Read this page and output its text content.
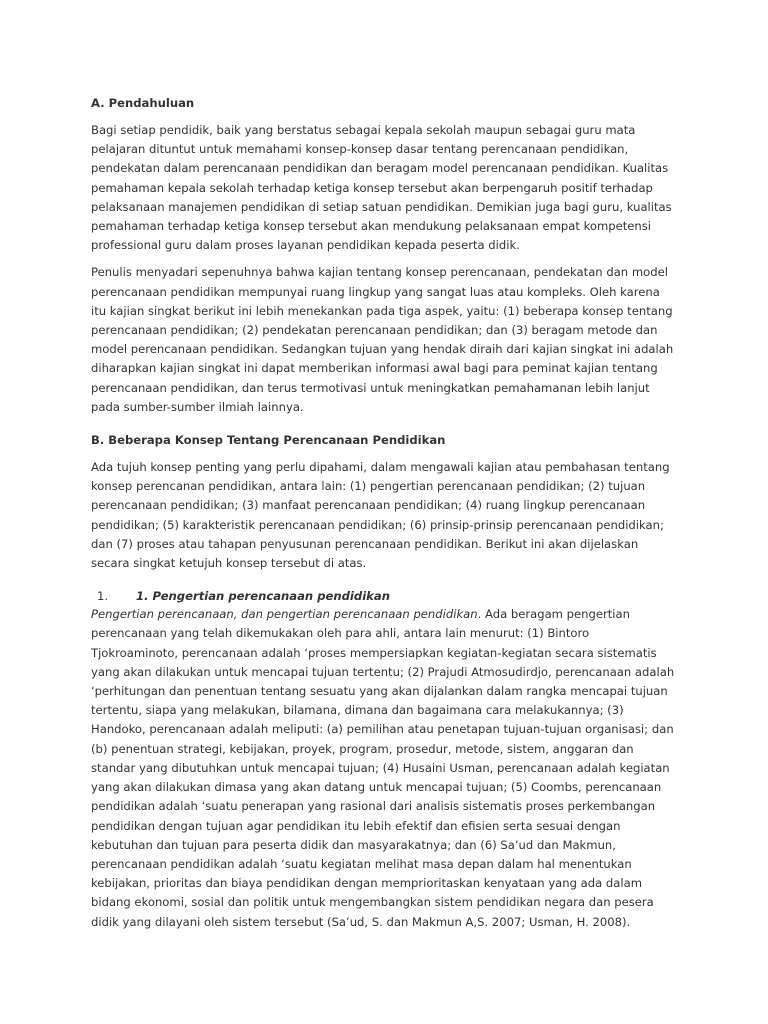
A. Pendahuluan

Bagi setiap pendidik, baik yang berstatus sebagai kepala sekolah maupun sebagai guru mata pelajaran dituntut untuk memahami konsep-konsep dasar tentang perencanaan pendidikan, pendekatan dalam perencanaan pendidikan dan beragam model perencanaan pendidikan. Kualitas pemahaman kepala sekolah terhadap ketiga konsep tersebut akan berpengaruh positif terhadap pelaksanaan manajemen pendidikan di setiap satuan pendidikan. Demikian juga bagi guru, kualitas pemahaman terhadap ketiga konsep tersebut akan mendukung pelaksanaan empat kompetensi professional guru dalam proses layanan pendidikan kepada peserta didik.

Penulis menyadari sepenuhnya bahwa kajian tentang konsep perencanaan, pendekatan dan model perencanaan pendidikan mempunyai ruang lingkup yang sangat luas atau kompleks. Oleh karena itu kajian singkat berikut ini lebih menekankan pada tiga aspek, yaitu: (1) beberapa konsep tentang perencanaan pendidikan; (2) pendekatan perencanaan pendidikan; dan (3) beragam metode dan model perencanaan pendidikan. Sedangkan tujuan yang hendak diraih dari kajian singkat ini adalah diharapkan kajian singkat ini dapat memberikan informasi awal bagi para peminat kajian tentang perencanaan pendidikan, dan terus termotivasi untuk meningkatkan pemahamanan lebih lanjut pada sumber-sumber ilmiah lainnya.

B. Beberapa Konsep Tentang Perencanaan Pendidikan

Ada tujuh konsep penting yang perlu dipahami, dalam mengawali kajian atau pembahasan tentang konsep perencanan pendidikan, antara lain: (1) pengertian perencanaan pendidikan; (2) tujuan perencanaan pendidikan; (3) manfaat perencanaan pendidikan; (4) ruang lingkup perencanaan pendidikan; (5) karakteristik perencanaan pendidikan; (6) prinsip-prinsip perencanaan pendidikan; dan (7) proses atau tahapan penyusunan perencanaan pendidikan. Berikut ini akan dijelaskan secara singkat ketujuh konsep tersebut di atas.

1.	1. Pengertian perencanaan pendidikan

Pengertian perencanaan, dan pengertian perencanaan pendidikan. Ada beragam pengertian perencanaan yang telah dikemukakan oleh para ahli, antara lain menurut: (1) Bintoro Tjokroaminoto, perencanaan adalah ‘proses mempersiapkan kegiatan-kegiatan secara sistematis yang akan dilakukan untuk mencapai tujuan tertentu; (2) Prajudi Atmosudirdjo, perencanaan adalah ‘perhitungan dan penentuan tentang sesuatu yang akan dijalankan dalam rangka mencapai tujuan tertentu, siapa yang melakukan, bilamana, dimana dan bagaimana cara melakukannya; (3) Handoko, perencanaan adalah meliputi: (a) pemilihan atau penetapan tujuan-tujuan organisasi; dan (b) penentuan strategi, kebijakan, proyek, program, prosedur, metode, sistem, anggaran dan standar yang dibutuhkan untuk mencapai tujuan; (4) Husaini Usman, perencanaan adalah kegiatan yang akan dilakukan dimasa yang akan datang untuk mencapai tujuan; (5) Coombs, perencanaan pendidikan adalah ‘suatu penerapan yang rasional dari analisis sistematis proses perkembangan pendidikan dengan tujuan agar pendidikan itu lebih efektif dan efisien serta sesuai dengan kebutuhan dan tujuan para peserta didik dan masyarakatnya; dan (6) Sa’ud dan Makmun, perencanaan pendidikan adalah ‘suatu kegiatan melihat masa depan dalam hal menentukan kebijakan, prioritas dan biaya pendidikan dengan memprioritaskan kenyataan yang ada dalam bidang ekonomi, sosial dan politik untuk mengembangkan sistem pendidikan negara dan pesera didik yang dilayani oleh sistem tersebut (Sa’ud, S. dan Makmun A,S. 2007; Usman, H. 2008).
